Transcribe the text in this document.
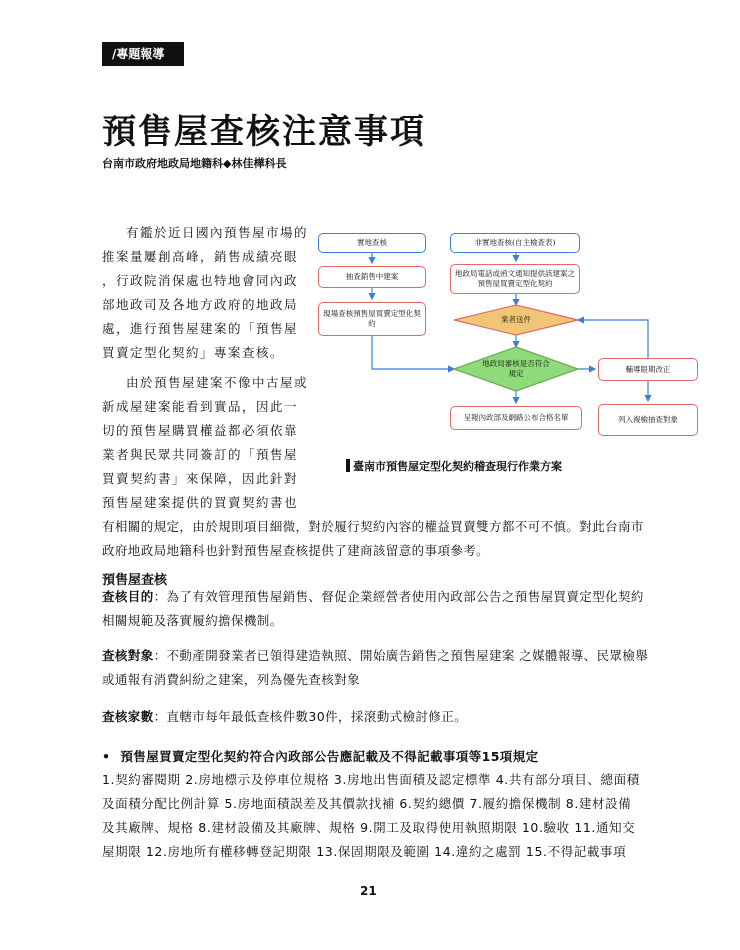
/專題報導
預售屋查核注意事項
台南市政府地政局地籍科◆林佳樺科長
有鑑於近日國內預售屋市場的
推案量屢創高峰，銷售成績亮眼
，行政院消保處也特地會同內政
部地政司及各地方政府的地政局
處，進行預售屋建案的「預售屋
買賣定型化契約」專案查核。
由於預售屋建案不像中古屋或
新成屋建案能看到實品，因此一
切的預售屋購買權益都必須依靠
業者與民眾共同簽訂的「預售屋
買賣契約書」來保障，因此針對
預售屋建案提供的買賣契約書也
有相關的規定，由於規則項目細微，對於履行契約內容的權益買賣雙方都不可不慎。對此台南市
政府地政局地籍科也針對預售屋查核提供了建商該留意的事項參考。
實地查核
抽查銷售中建案
現場查核預售屋買賣定型化契約
非實地查核(自主檢查表)
地政局電話或函文通知提供該建案之預售屋買賣定型化契約
業者送件
地政局審核是否符合規定	輔導限期改正
呈報內政部及網路公布合格名單	列入複檢抽查對象
臺南市預售屋定型化契約稽查現行作業方案
預售屋查核
查核目的：為了有效管理預售屋銷售、督促企業經營者使用內政部公告之預售屋買賣定型化契約
相關規範及落實履約擔保機制。
查核對象：不動產開發業者已領得建造執照、開始廣告銷售之預售屋建案 之媒體報導、民眾檢舉
或通報有消費糾紛之建案，列為優先查核對象
查核家數：直轄市每年最低查核件數30件，採滾動式檢討修正。
• 預售屋買賣定型化契約符合內政部公告應記載及不得記載事項等15項規定
1.契約審閱期 2.房地標示及停車位規格 3.房地出售面積及認定標準 4.共有部分項目、總面積
及面積分配比例計算 5.房地面積誤差及其價款找補 6.契約總價 7.履約擔保機制 8.建材設備
及其廠牌、規格 8.建材設備及其廠牌、規格 9.開工及取得使用執照期限 10.驗收 11.通知交
屋期限 12.房地所有權移轉登記期限 13.保固期限及範圍 14.違約之處罰 15.不得記載事項
21
